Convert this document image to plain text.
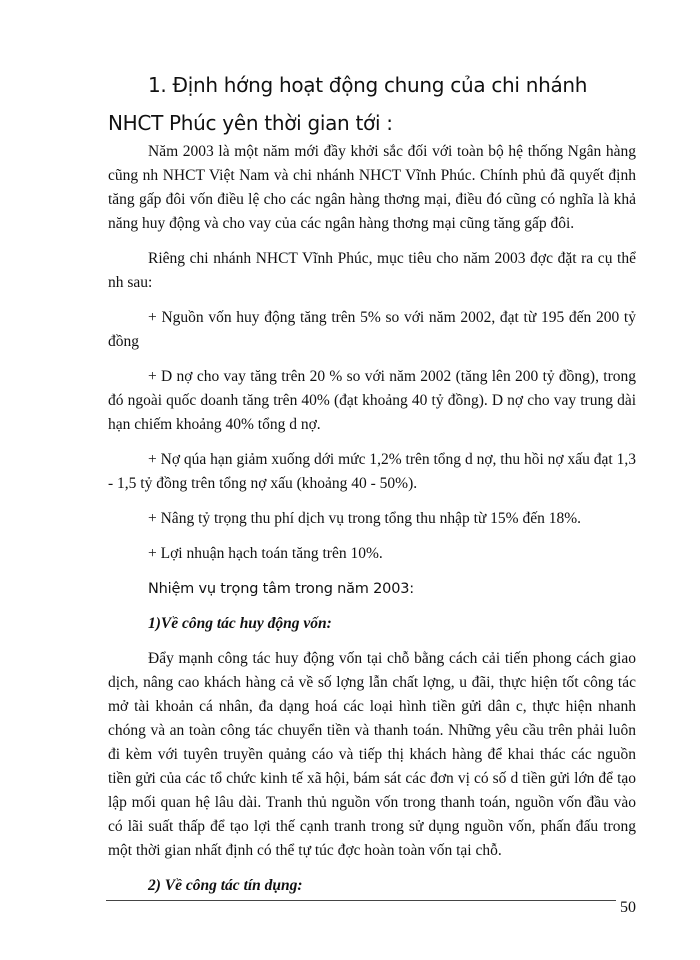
1. Định hớng hoạt động chung của chi nhánh NHCT Phúc yên thời gian tới :

Năm 2003 là một năm mới đầy khởi sắc đối với toàn bộ hệ thống Ngân hàng cũng nh NHCT Việt Nam và chi nhánh NHCT Vĩnh Phúc. Chính phủ đã quyết định tăng gấp đôi vốn điều lệ cho các ngân hàng thơng mại, điều đó cũng có nghĩa là khả năng huy động và cho vay của các ngân hàng thơng mại cũng tăng gấp đôi.

Riêng chi nhánh NHCT Vĩnh Phúc, mục tiêu cho năm 2003 đợc đặt ra cụ thể nh sau:

+ Nguồn vốn huy động tăng trên 5% so với năm 2002, đạt từ 195 đến 200 tỷ đồng

+ D nợ cho vay tăng trên 20 % so với năm 2002 (tăng lên 200 tỷ đồng), trong đó ngoài quốc doanh tăng trên 40% (đạt khoảng 40 tỷ đồng). D nợ cho vay trung dài hạn chiếm khoảng 40% tổng d nợ.

+ Nợ qúa hạn giảm xuống dới mức 1,2% trên tổng d nợ, thu hồi nợ xấu đạt 1,3 - 1,5 tỷ đồng trên tổng nợ xấu (khoảng 40 - 50%).

+ Nâng tỷ trọng thu phí dịch vụ trong tổng thu nhập từ 15% đến 18%.

+ Lợi nhuận hạch toán tăng trên 10%.

Nhiệm vụ trọng tâm trong năm 2003:

1)Về công tác huy động vốn:

Đẩy mạnh công tác huy động vốn tại chỗ bằng cách cải tiến phong cách giao dịch, nâng cao khách hàng cả về số lợng lẫn chất lợng, u đãi, thực hiện tốt công tác mở tài khoản cá nhân, đa dạng hoá các loại hình tiền gửi dân c, thực hiện nhanh chóng và an toàn công tác chuyển tiền và thanh toán. Những yêu cầu trên phải luôn đi kèm với tuyên truyền quảng cáo và tiếp thị khách hàng để khai thác các nguồn tiền gửi của các tổ chức kinh tế xã hội, bám sát các đơn vị có số d tiền gửi lớn để tạo lập mối quan hệ lâu dài. Tranh thủ nguồn vốn trong thanh toán, nguồn vốn đầu vào có lãi suất thấp để tạo lợi thế cạnh tranh trong sử dụng nguồn vốn, phấn đấu trong một thời gian nhất định có thể tự túc đợc hoàn toàn vốn tại chỗ.

2) Về công tác tín dụng:

50
